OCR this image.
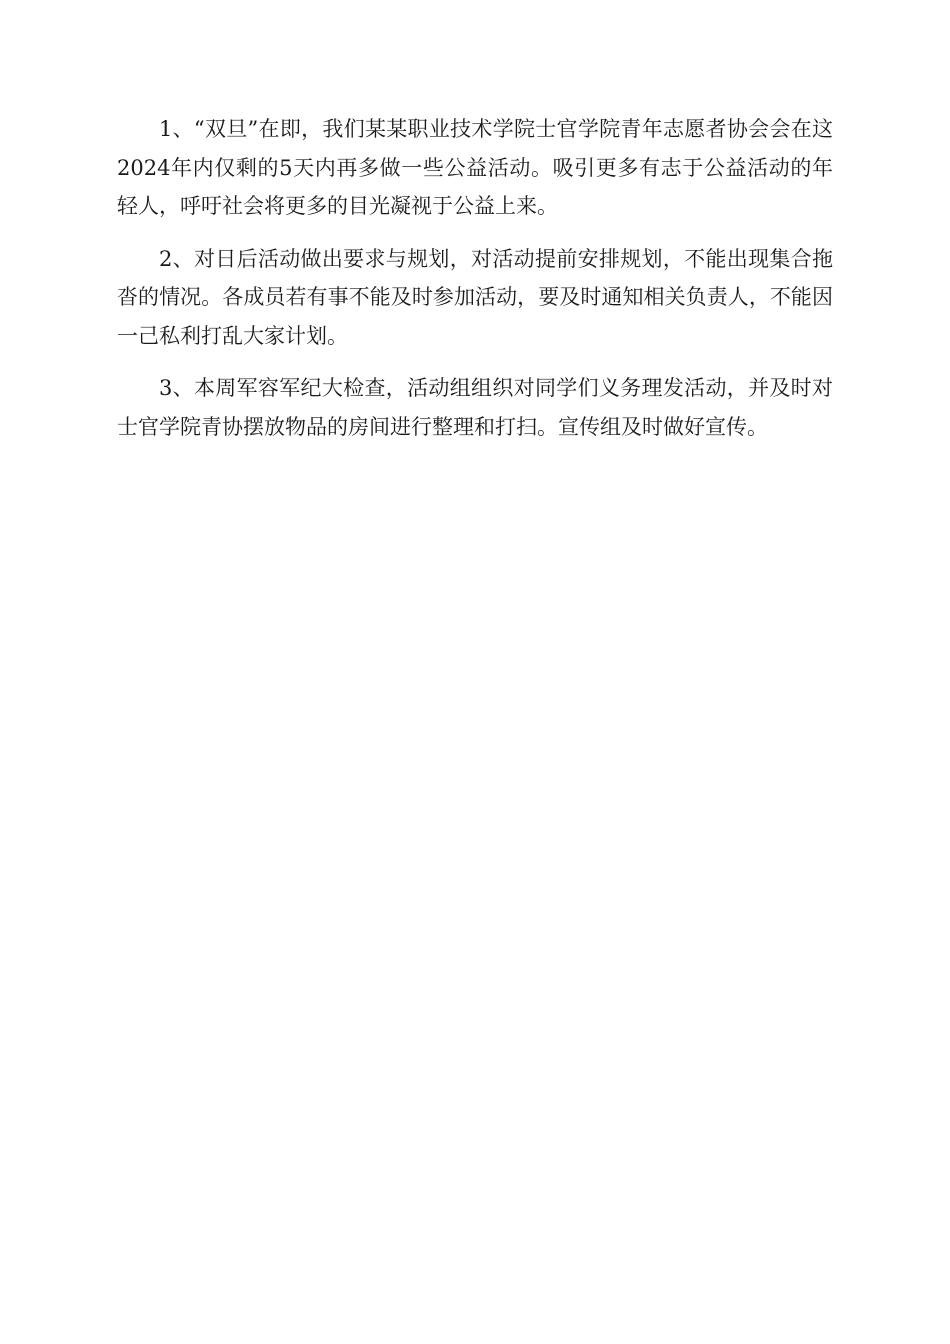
1、“双旦”在即，我们某某职业技术学院士官学院青年志愿者协会会在这2024年内仅剩的5天内再多做一些公益活动。吸引更多有志于公益活动的年轻人，呼吁社会将更多的目光凝视于公益上来。

2、对日后活动做出要求与规划，对活动提前安排规划，不能出现集合拖沓的情况。各成员若有事不能及时参加活动，要及时通知相关负责人，不能因一己私利打乱大家计划。

3、本周军容军纪大检查，活动组组织对同学们义务理发活动，并及时对士官学院青协摆放物品的房间进行整理和打扫。宣传组及时做好宣传。
